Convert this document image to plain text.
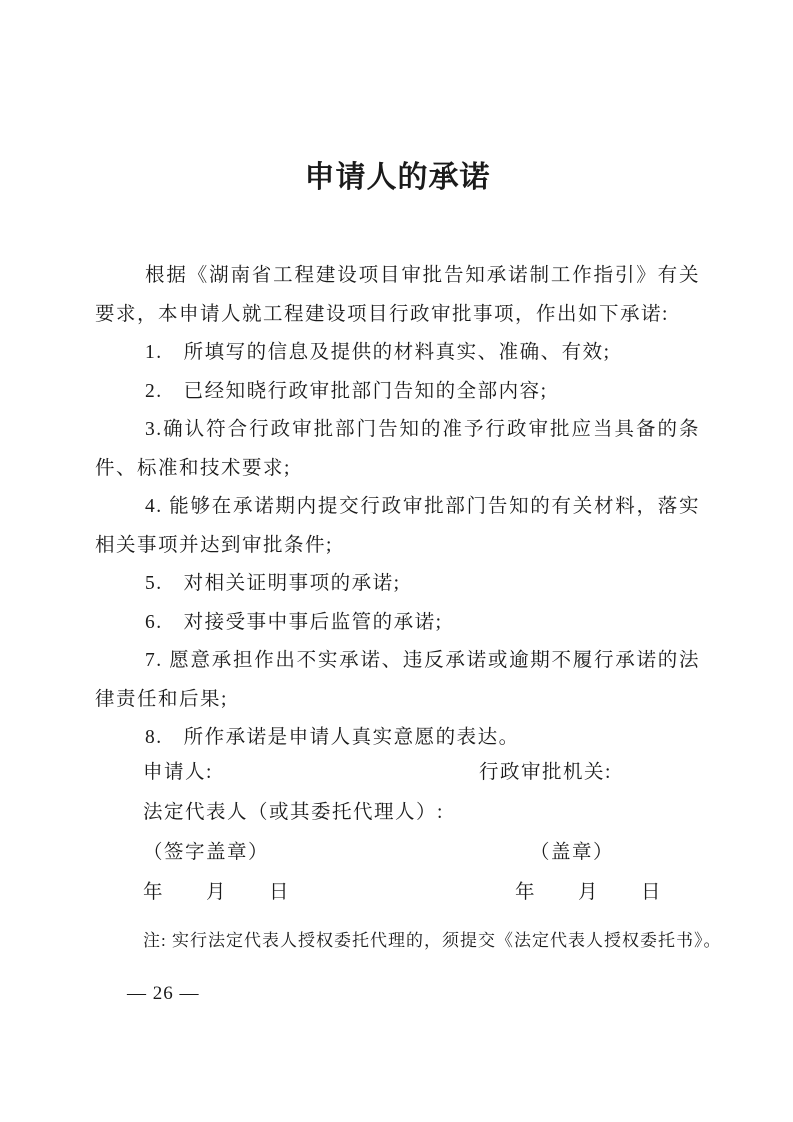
申请人的承诺

根据《湖南省工程建设项目审批告知承诺制工作指引》有关要求，本申请人就工程建设项目行政审批事项，作出如下承诺:

1.　所填写的信息及提供的材料真实、准确、有效;

2.　已经知晓行政审批部门告知的全部内容;

3.确认符合行政审批部门告知的准予行政审批应当具备的条件、标准和技术要求;

4. 能够在承诺期内提交行政审批部门告知的有关材料，落实相关事项并达到审批条件;

5.　对相关证明事项的承诺;

6.　对接受事中事后监管的承诺;

7. 愿意承担作出不实承诺、违反承诺或逾期不履行承诺的法律责任和后果;

8.　所作承诺是申请人真实意愿的表达。

申请人:	行政审批机关:
法定代表人（或其委托代理人）:
（签字盖章）	（盖章）
年　　月　　日	年　　月　　日
注: 实行法定代表人授权委托代理的，须提交《法定代表人授权委托书》。
— 26 —
